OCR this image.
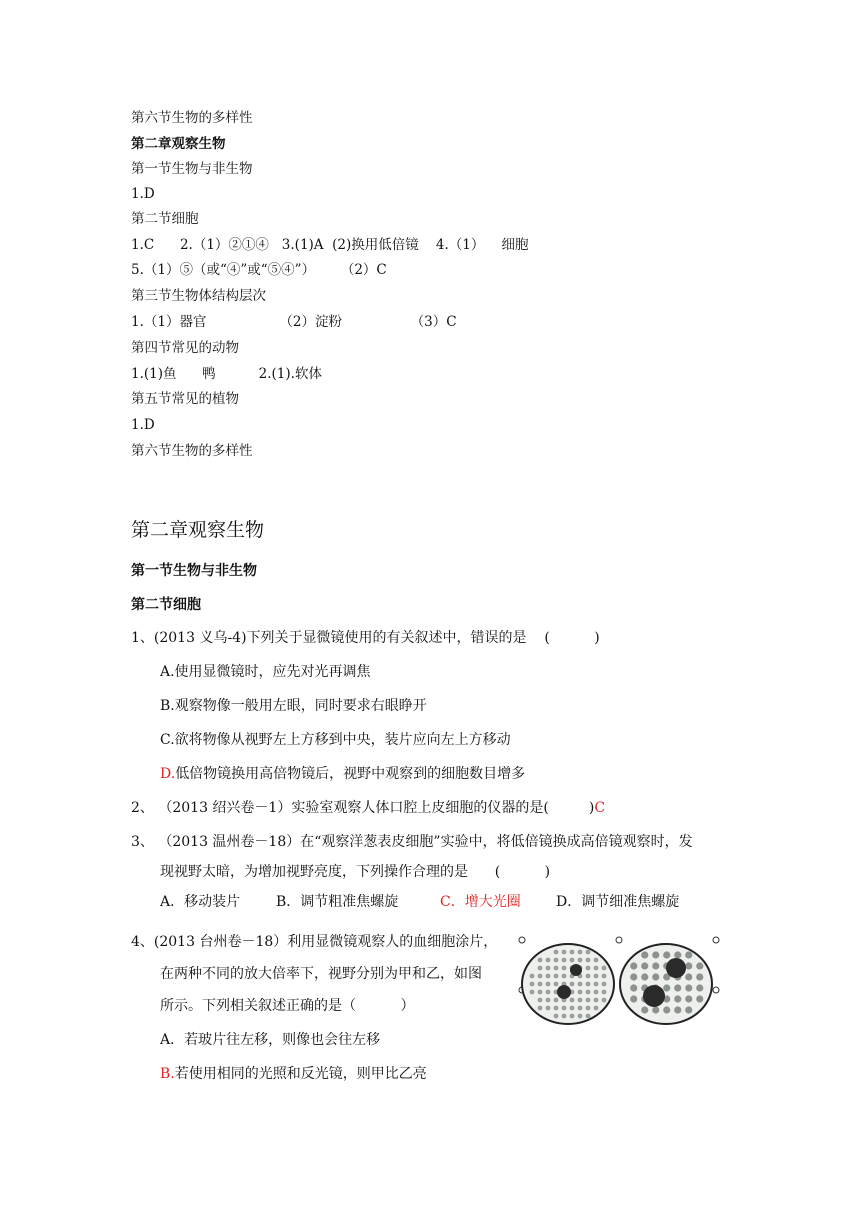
第六节生物的多样性
第二章观察生物
第一节生物与非生物
1.D
第二节细胞
1.C      2.（1）②①④   3.(1)A  (2)换用低倍镜    4.（1）    细胞
5.（1）⑤（或“④”或“⑤④”）      （2）C
第三节生物体结构层次
1.（1）器官                 （2）淀粉                （3）C
第四节常见的动物
1.(1)鱼      鸭          2.(1).软体
第五节常见的植物
1.D
第六节生物的多样性
第二章观察生物
第一节生物与非生物
第二节细胞
1、(2013 义乌-4)下列关于显微镜使用的有关叙述中，错误的是    (          )
A.使用显微镜时，应先对光再调焦
B.观察物像一般用左眼，同时要求右眼睁开
C.欲将物像从视野左上方移到中央，装片应向左上方移动
D.低倍物镜换用高倍物镜后，视野中观察到的细胞数目增多
2、 （2013 绍兴卷－1）实验室观察人体口腔上皮细胞的仪器的是(         )C
3、 （2013 温州卷－18）在“观察洋葱表皮细胞”实验中，将低倍镜换成高倍镜观察时，发
现视野太暗，为增加视野亮度，下列操作合理的是      (          )
A．移动装片	B．调节粗准焦螺旋	C．增大光圈	D．调节细准焦螺旋
4、(2013 台州卷－18）利用显微镜观察人的血细胞涂片，
在两种不同的放大倍率下，视野分别为甲和乙，如图
所示。下列相关叙述正确的是（          ）
A．若玻片往左移，则像也会往左移
B.若使用相同的光照和反光镜，则甲比乙亮
